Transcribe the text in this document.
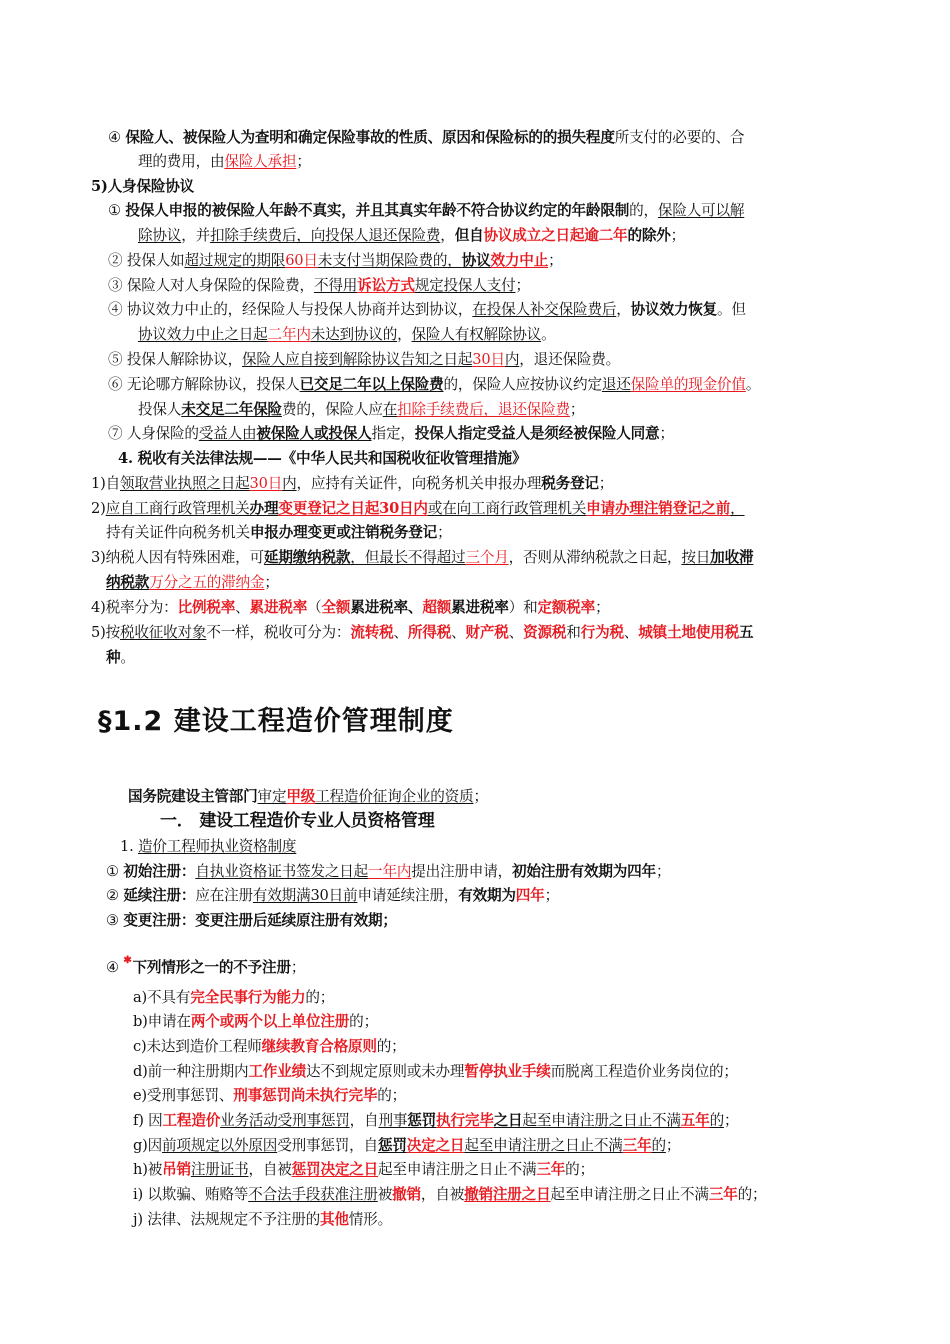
④ 保险人、被保险人为查明和确定保险事故的性质、原因和保险标的的损失程度所支付的必要的、合
理的费用，由保险人承担；
5)人身保险协议
① 投保人申报的被保险人年龄不真实，并且其真实年龄不符合协议约定的年龄限制的，保险人可以解
除协议，并扣除手续费后，向投保人退还保险费，但自协议成立之日起逾二年的除外；
② 投保人如超过规定的期限60日未支付当期保险费的，协议效力中止；
③ 保险人对人身保险的保险费，不得用诉讼方式规定投保人支付；
④ 协议效力中止的，经保险人与投保人协商并达到协议，在投保人补交保险费后，协议效力恢复。但
协议效力中止之日起二年内未达到协议的，保险人有权解除协议。
⑤ 投保人解除协议，保险人应自接到解除协议告知之日起30日内，退还保险费。
⑥ 无论哪方解除协议，投保人已交足二年以上保险费的，保险人应按协议约定退还保险单的现金价值。
投保人未交足二年保险费的，保险人应在扣除手续费后，退还保险费；
⑦ 人身保险的受益人由被保险人或投保人指定，投保人指定受益人是须经被保险人同意；
4. 税收有关法律法规——《中华人民共和国税收征收管理措施》
1)自领取营业执照之日起30日内，应持有关证件，向税务机关申报办理税务登记；
2)应自工商行政管理机关办理变更登记之日起30日内或在向工商行政管理机关申请办理注销登记之前，
持有关证件向税务机关申报办理变更或注销税务登记；
3)纳税人因有特殊困难，可延期缴纳税款，但最长不得超过三个月，否则从滞纳税款之日起，按日加收滞
纳税款万分之五的滞纳金；
4)税率分为：比例税率、累进税率（全额累进税率、超额累进税率）和定额税率；
5)按税收征收对象不一样，税收可分为：流转税、所得税、财产税、资源税和行为税、城镇土地使用税五
种。
§1.2 建设工程造价管理制度
国务院建设主管部门审定甲级工程造价征询企业的资质；
一． 建设工程造价专业人员资格管理
1. 造价工程师执业资格制度
① 初始注册：自执业资格证书签发之日起一年内提出注册申请，初始注册有效期为四年；
② 延续注册：应在注册有效期满30日前申请延续注册，有效期为四年；
③ 变更注册：变更注册后延续原注册有效期；
④ ✱下列情形之一的不予注册；
a)不具有完全民事行为能力的；
b)申请在两个或两个以上单位注册的；
c)未达到造价工程师继续教育合格原则的；
d)前一种注册期内工作业绩达不到规定原则或未办理暂停执业手续而脱离工程造价业务岗位的；
e)受刑事惩罚、刑事惩罚尚未执行完毕的；
f) 因工程造价业务活动受刑事惩罚，自刑事惩罚执行完毕之日起至申请注册之日止不满五年的；
g)因前项规定以外原因受刑事惩罚，自惩罚决定之日起至申请注册之日止不满三年的；
h)被吊销注册证书，自被惩罚决定之日起至申请注册之日止不满三年的；
i) 以欺骗、贿赂等不合法手段获准注册被撤销，自被撤销注册之日起至申请注册之日止不满三年的；
j) 法律、法规规定不予注册的其他情形。
